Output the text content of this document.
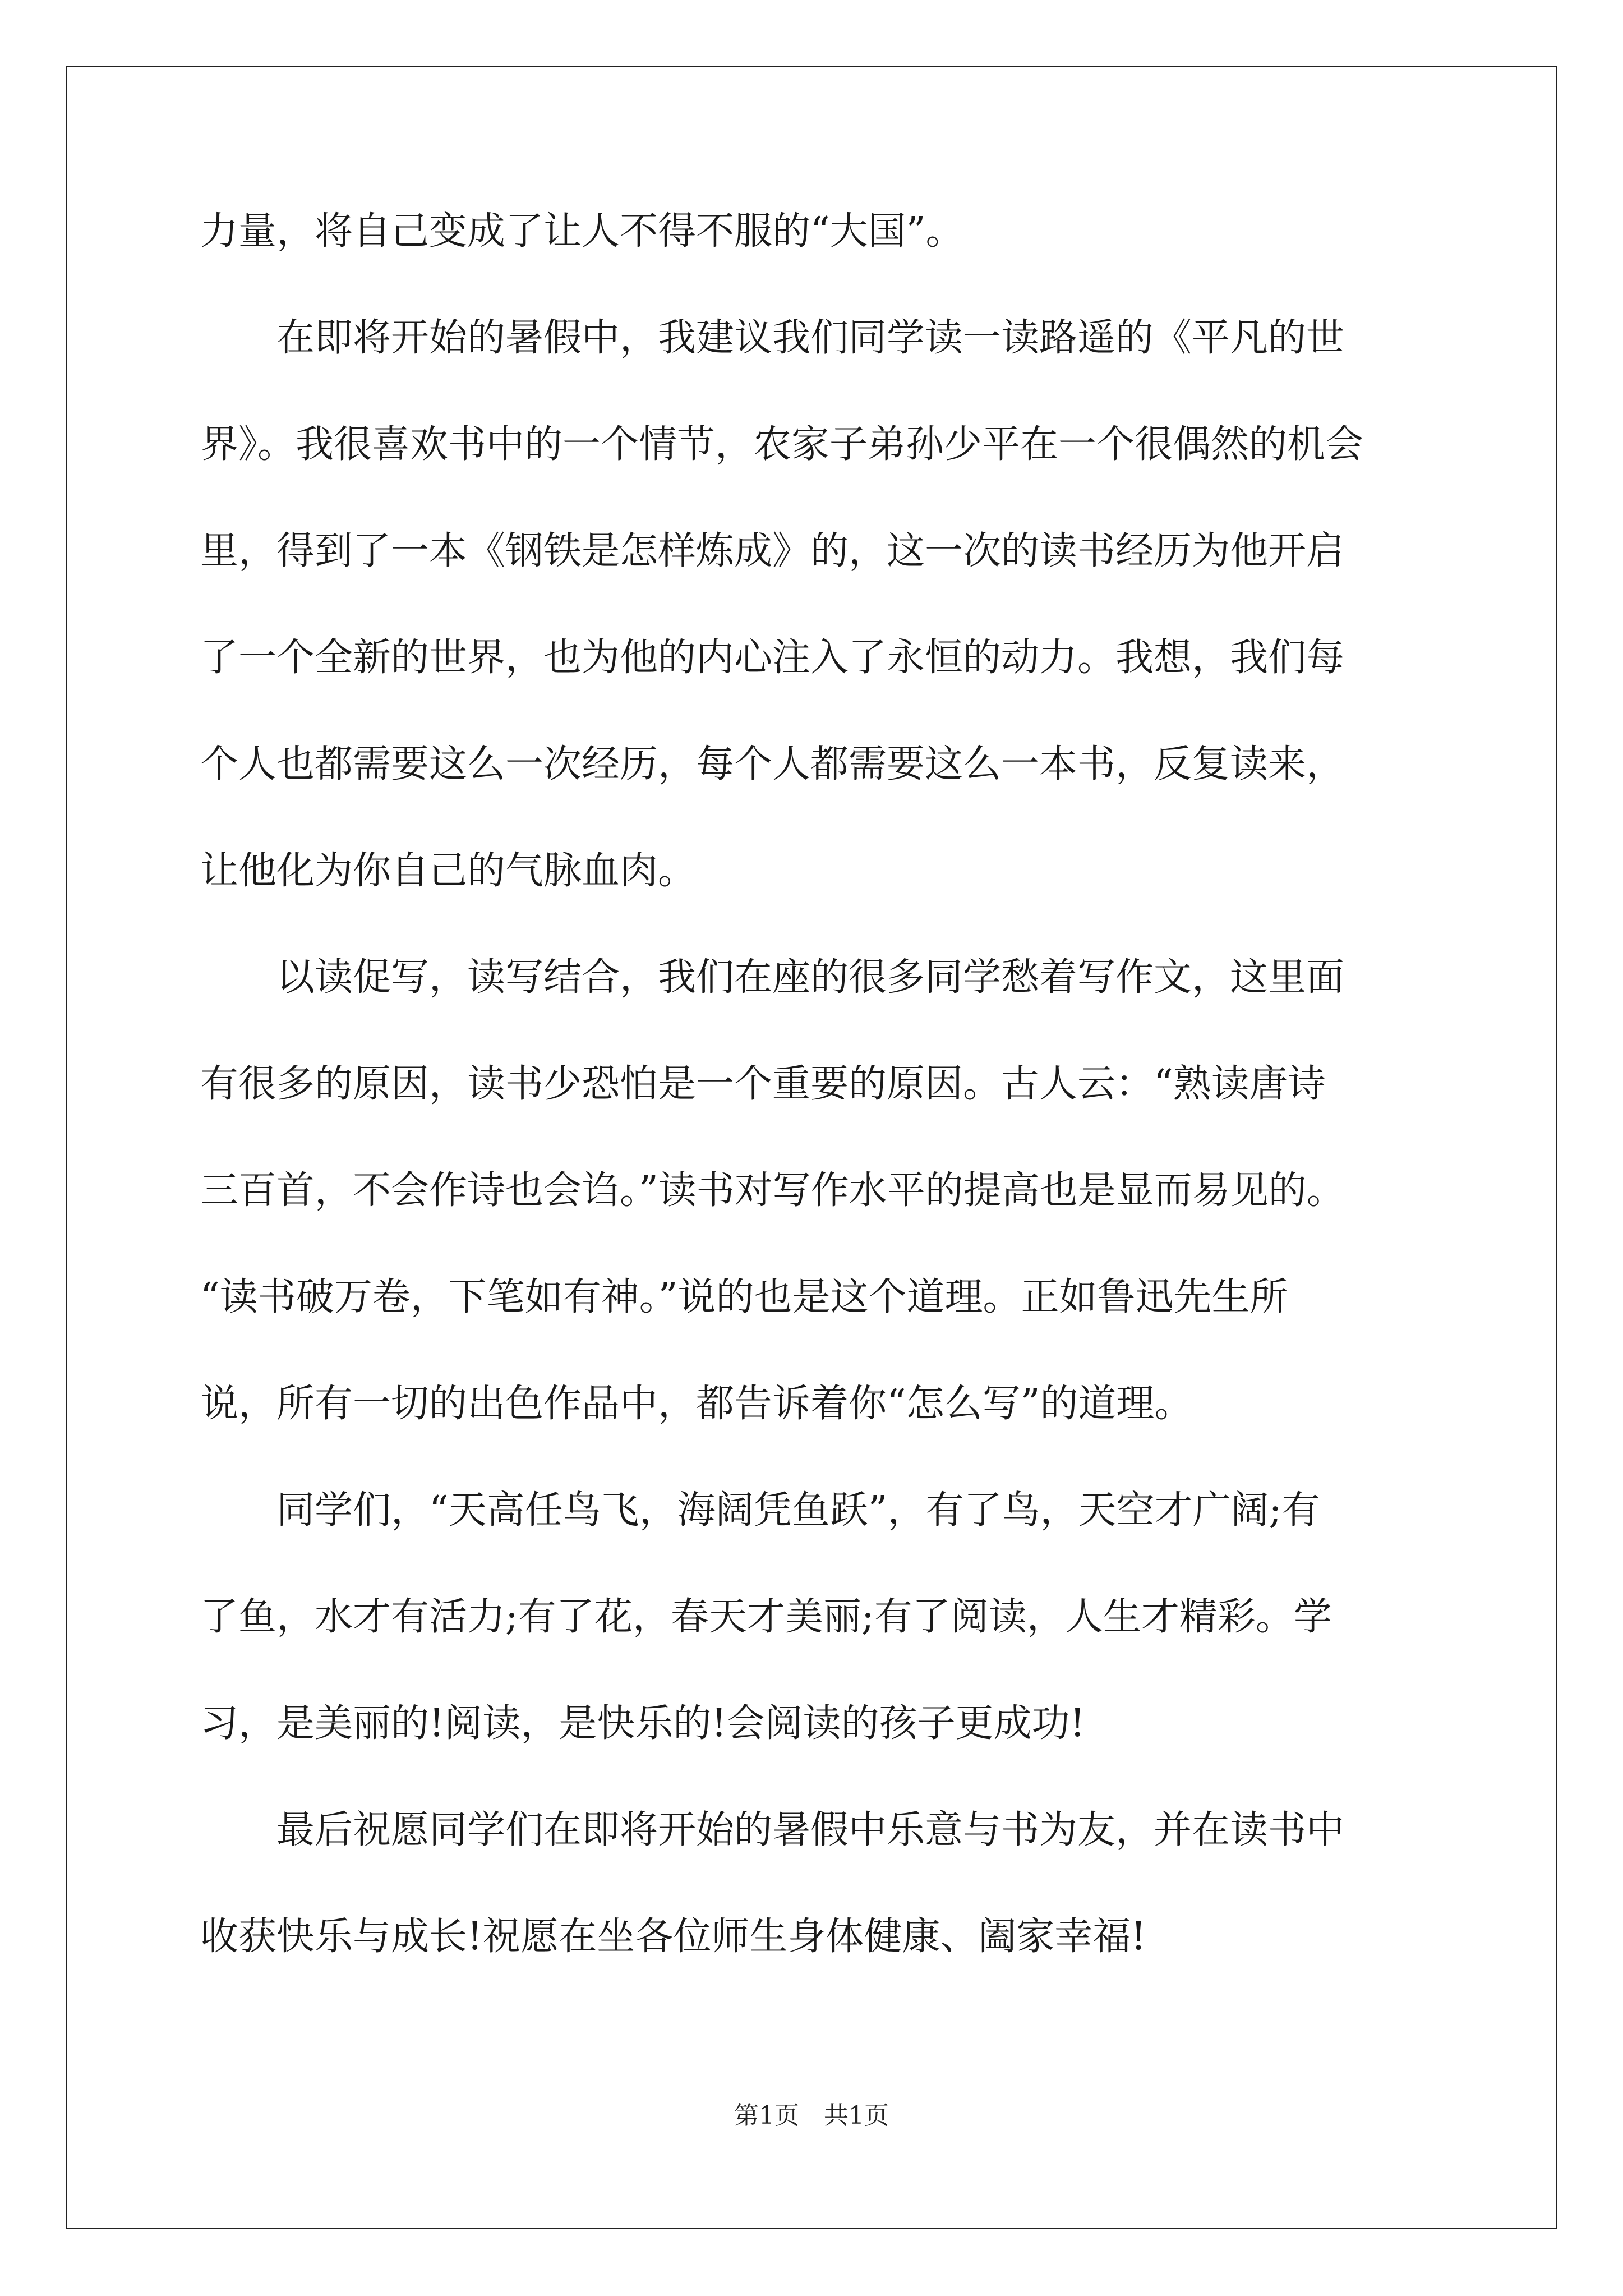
力量，将自己变成了让人不得不服的“大国”。
　　在即将开始的暑假中，我建议我们同学读一读路遥的《平凡的世
界》。我很喜欢书中的一个情节，农家子弟孙少平在一个很偶然的机会
里，得到了一本《钢铁是怎样炼成》的，这一次的读书经历为他开启
了一个全新的世界，也为他的内心注入了永恒的动力。我想，我们每
个人也都需要这么一次经历，每个人都需要这么一本书，反复读来，
让他化为你自己的气脉血肉。
　　以读促写，读写结合，我们在座的很多同学愁着写作文，这里面
有很多的原因，读书少恐怕是一个重要的原因。古人云：“熟读唐诗
三百首，不会作诗也会诌。”读书对写作水平的提高也是显而易见的。
“读书破万卷，下笔如有神。”说的也是这个道理。正如鲁迅先生所
说，所有一切的出色作品中，都告诉着你“怎么写”的道理。
　　同学们，“天高任鸟飞，海阔凭鱼跃”，有了鸟，天空才广阔;有
了鱼，水才有活力;有了花，春天才美丽;有了阅读，人生才精彩。学
习，是美丽的!阅读，是快乐的!会阅读的孩子更成功!
　　最后祝愿同学们在即将开始的暑假中乐意与书为友，并在读书中
收获快乐与成长!祝愿在坐各位师生身体健康、阖家幸福!
第1页　共1页
